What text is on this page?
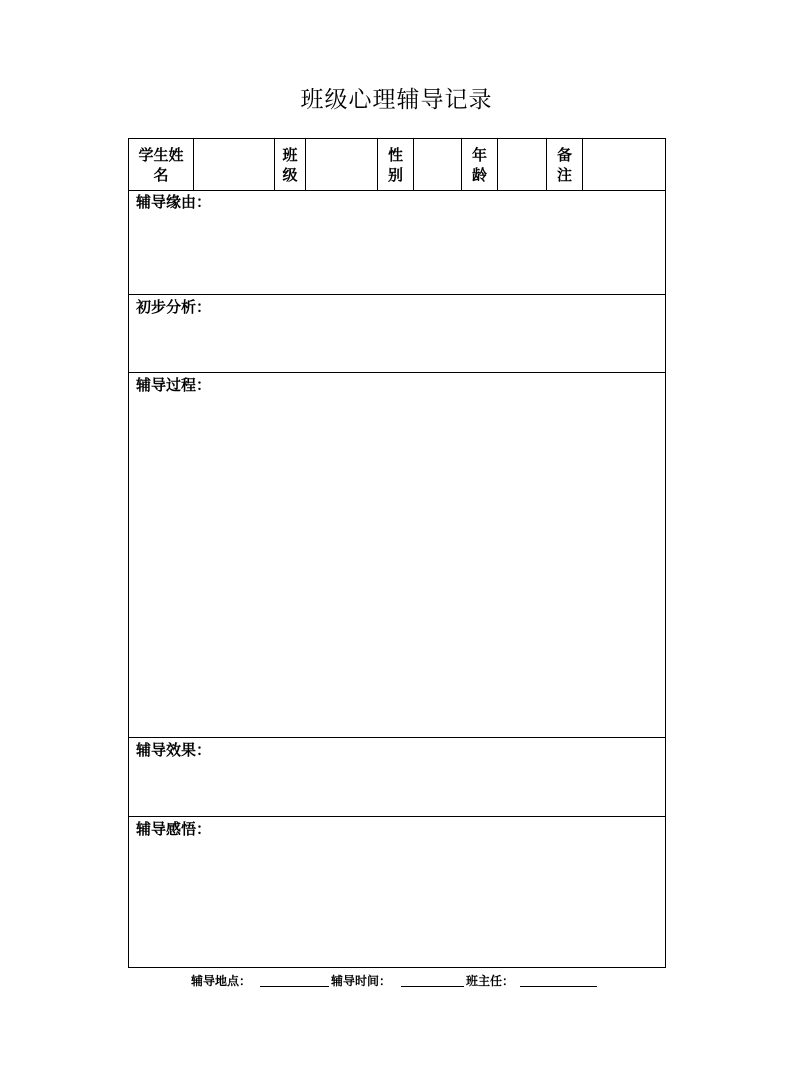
班级心理辅导记录
学生姓
名
班
级
性
别
年
龄
备
注
辅导缘由：
初步分析：
辅导过程：
辅导效果：
辅导感悟：
辅导地点：	辅导时间：	班主任：
